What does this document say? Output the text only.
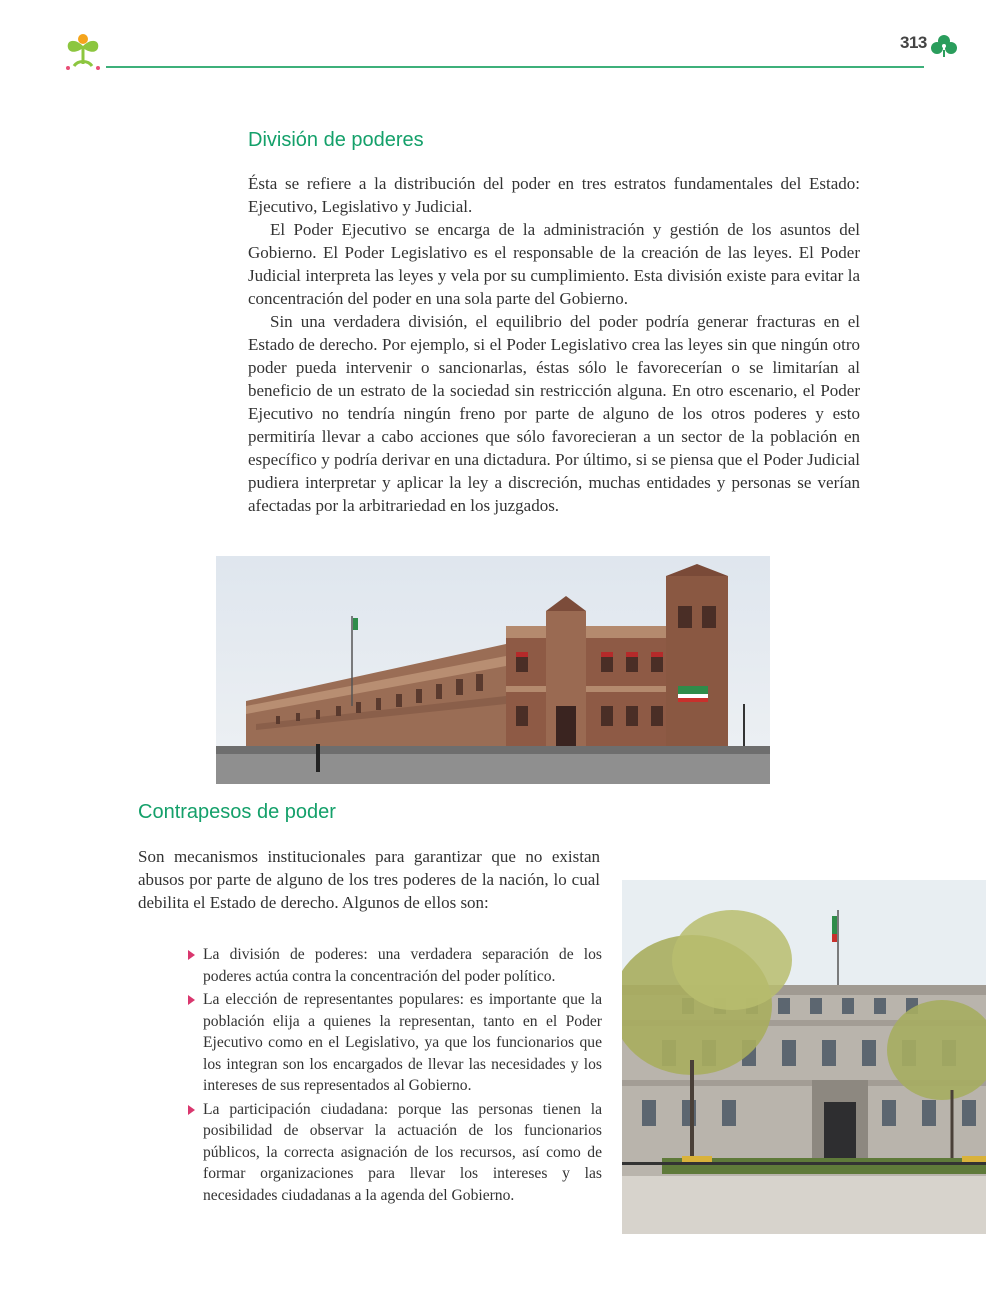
313
División de poderes

Ésta se refiere a la distribución del poder en tres estratos fundamentales del Estado: Ejecutivo, Legislativo y Judicial.

El Poder Ejecutivo se encarga de la administración y gestión de los asuntos del Gobierno. El Poder Legislativo es el responsable de la creación de las leyes. El Poder Judicial interpreta las leyes y vela por su cumplimiento. Esta división existe para evitar la concentración del poder en una sola parte del Gobierno.

Sin una verdadera división, el equilibrio del poder podría generar fracturas en el Estado de derecho. Por ejemplo, si el Poder Legislativo crea las leyes sin que ningún otro poder pueda intervenir o sancionarlas, éstas sólo le favorecerían o se limitarían al beneficio de un estrato de la sociedad sin restricción alguna. En otro escenario, el Poder Ejecutivo no tendría ningún freno por parte de alguno de los otros poderes y esto permitiría llevar a cabo acciones que sólo favorecieran a un sector de la población en específico y podría derivar en una dictadura. Por último, si se piensa que el Poder Judicial pudiera interpretar y aplicar la ley a discreción, muchas entidades y personas se verían afectadas por la arbitrariedad en los juzgados.

Contrapesos de poder

Son mecanismos institucionales para garantizar que no existan abusos por parte de alguno de los tres poderes de la nación, lo cual debilita el Estado de derecho. Algunos de ellos son:

La división de poderes: una verdadera separación de los poderes actúa contra la concentración del poder político.
La elección de representantes populares: es importante que la población elija a quienes la representan, tanto en el Poder Ejecutivo como en el Legislativo, ya que los funcionarios que los integran son los encargados de llevar las necesidades y los intereses de sus representados al Gobierno.
La participación ciudadana: porque las personas tienen la posibilidad de observar la actuación de los funcionarios públicos, la correcta asignación de los recursos, así como de formar organizaciones para llevar los intereses y las necesidades ciudadanas a la agenda del Gobierno.
